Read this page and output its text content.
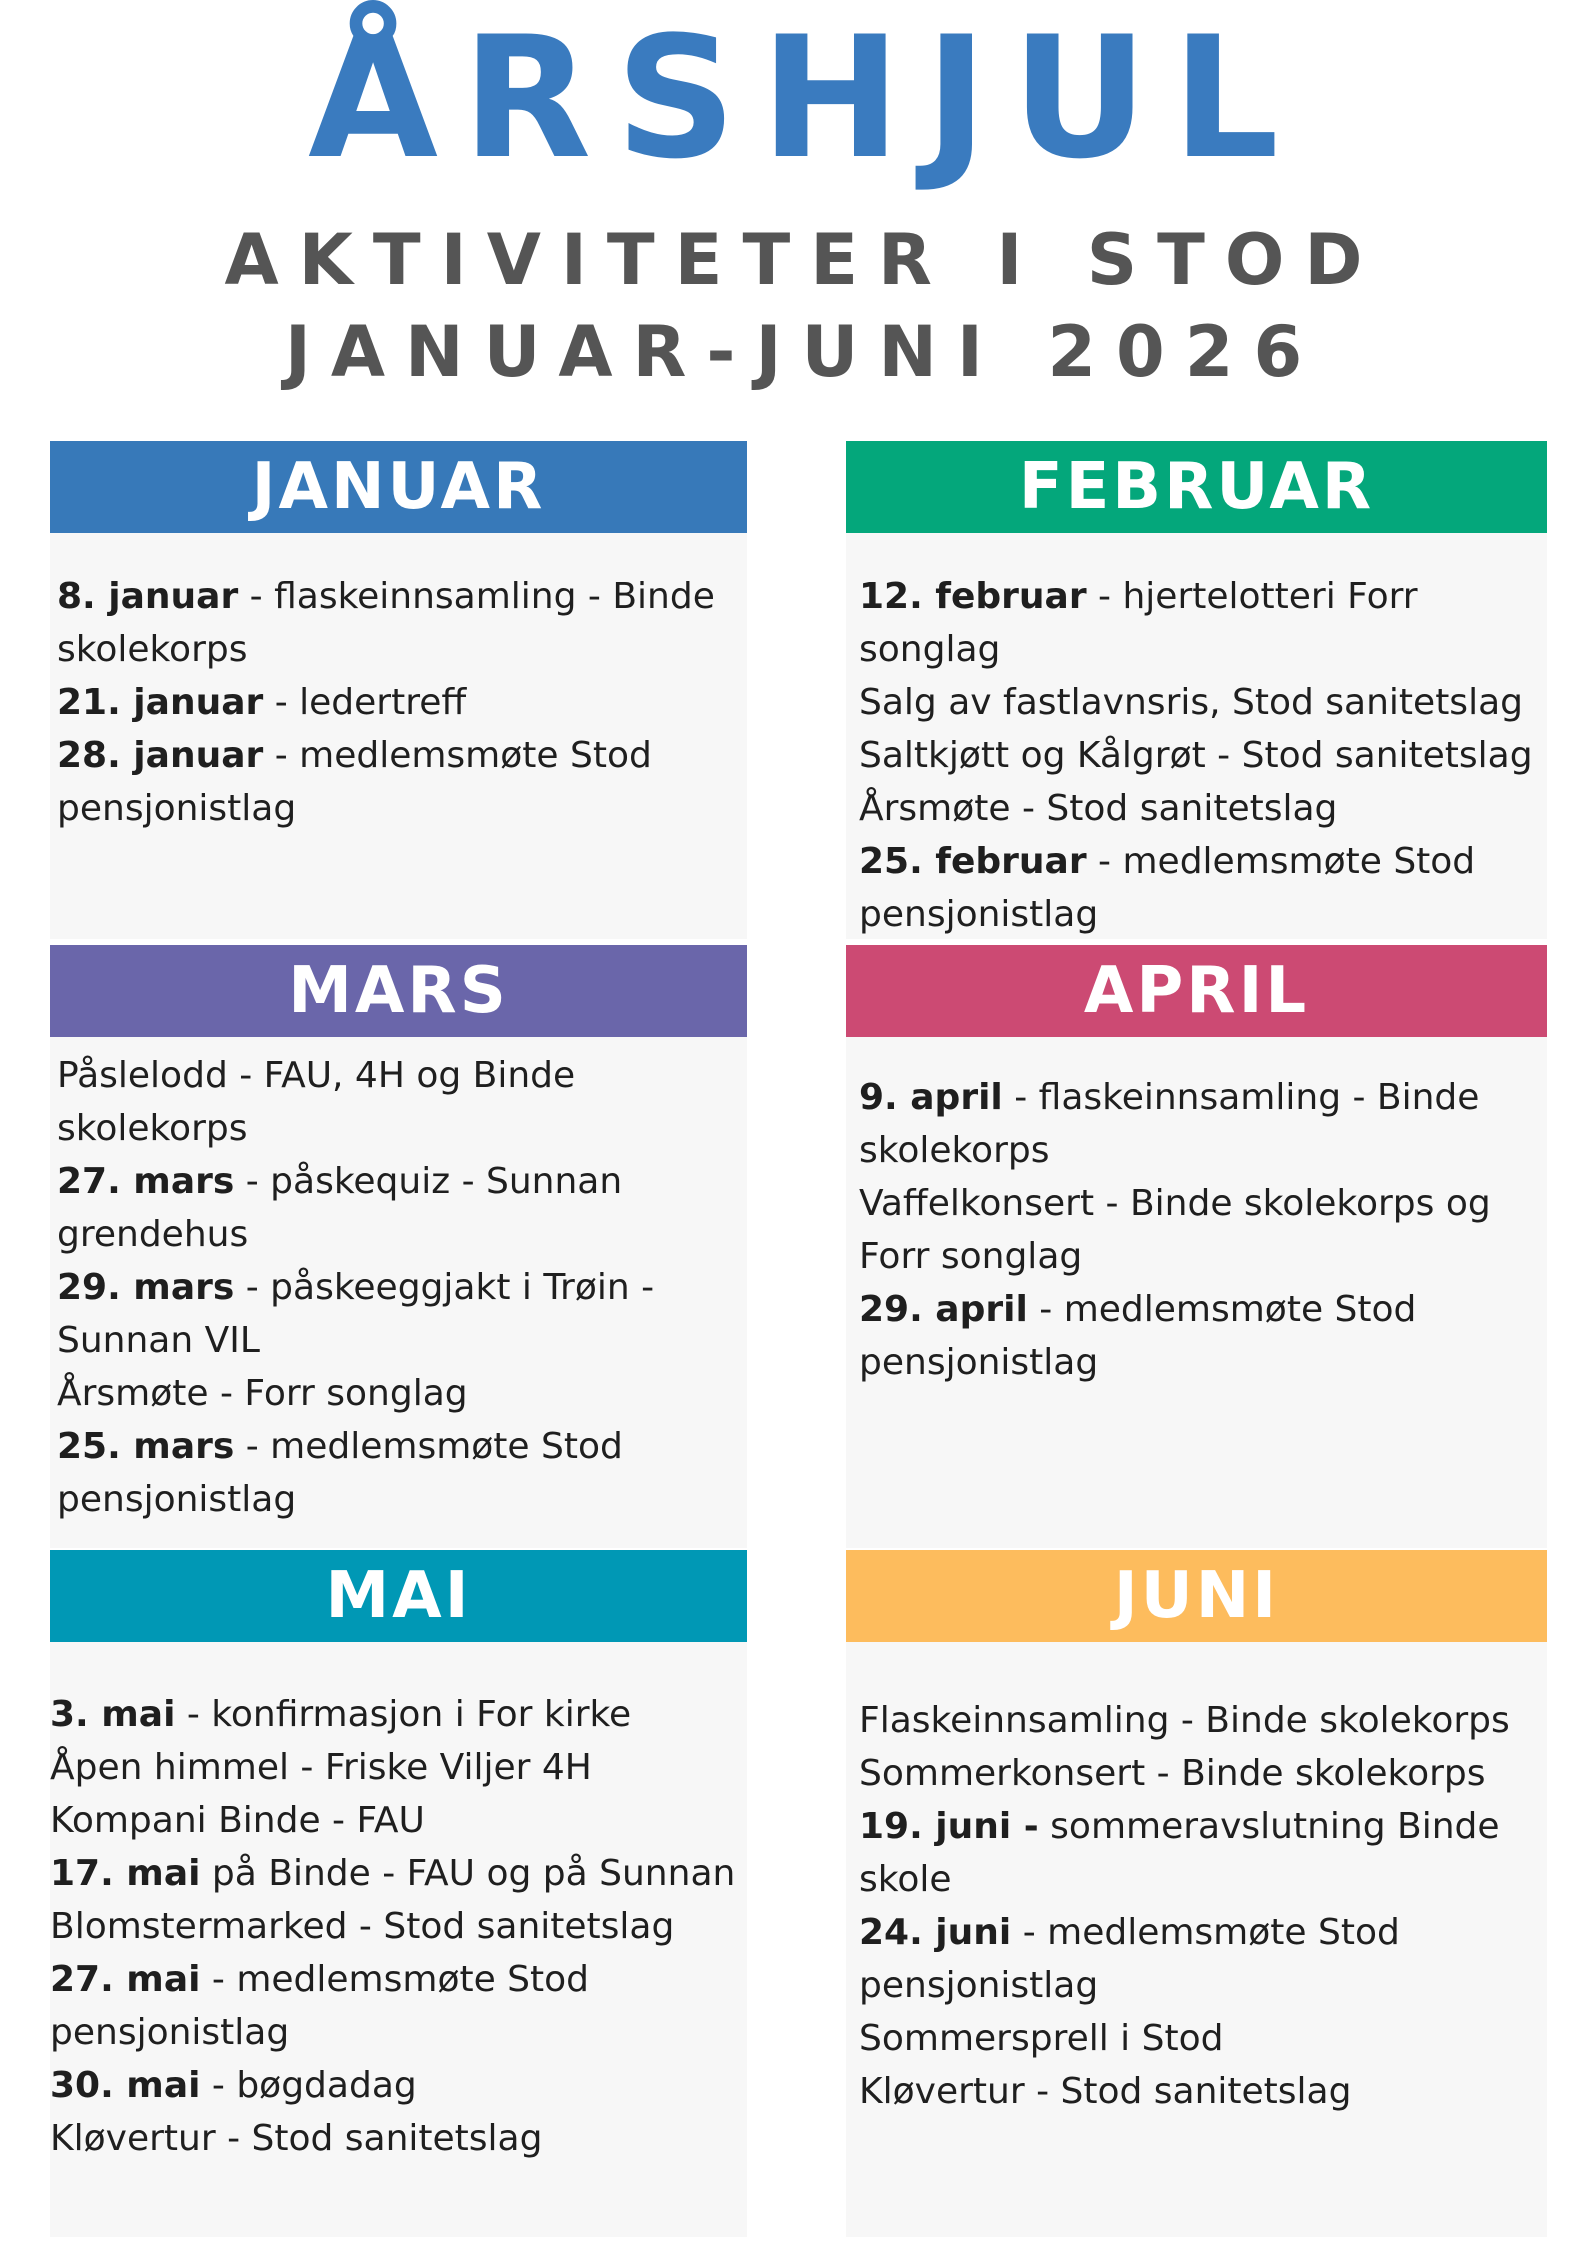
ÅRSHJUL
AKTIVITETER I STOD
JANUAR-JUNI 2026
JANUAR
8. januar - flaskeinnsamling - Binde skolekorps
21. januar - ledertreff
28. januar - medlemsmøte Stod pensjonistlag
FEBRUAR
12. februar - hjertelotteri Forr songlag
Salg av fastlavnsris, Stod sanitetslag
Saltkjøtt og Kålgrøt - Stod sanitetslag
Årsmøte - Stod sanitetslag
25. februar - medlemsmøte Stod pensjonistlag
MARS
Påslelodd - FAU, 4H og Binde skolekorps
27. mars - påskequiz - Sunnan grendehus
29. mars - påskeeggjakt i Trøin - Sunnan VIL
Årsmøte - Forr songlag
25. mars - medlemsmøte Stod pensjonistlag
APRIL
9. april - flaskeinnsamling - Binde skolekorps
Vaffelkonsert - Binde skolekorps og Forr songlag
29. april - medlemsmøte Stod pensjonistlag
MAI
3. mai - konfirmasjon i For kirke
Åpen himmel - Friske Viljer 4H
Kompani Binde - FAU
17. mai på Binde - FAU og på Sunnan
Blomstermarked - Stod sanitetslag
27. mai - medlemsmøte Stod pensjonistlag
30. mai - bøgdadag
Kløvertur - Stod sanitetslag
JUNI
Flaskeinnsamling - Binde skolekorps
Sommerkonsert - Binde skolekorps
19. juni - sommeravslutning Binde skole
24. juni - medlemsmøte Stod pensjonistlag
Sommersprell i Stod
Kløvertur - Stod sanitetslag
